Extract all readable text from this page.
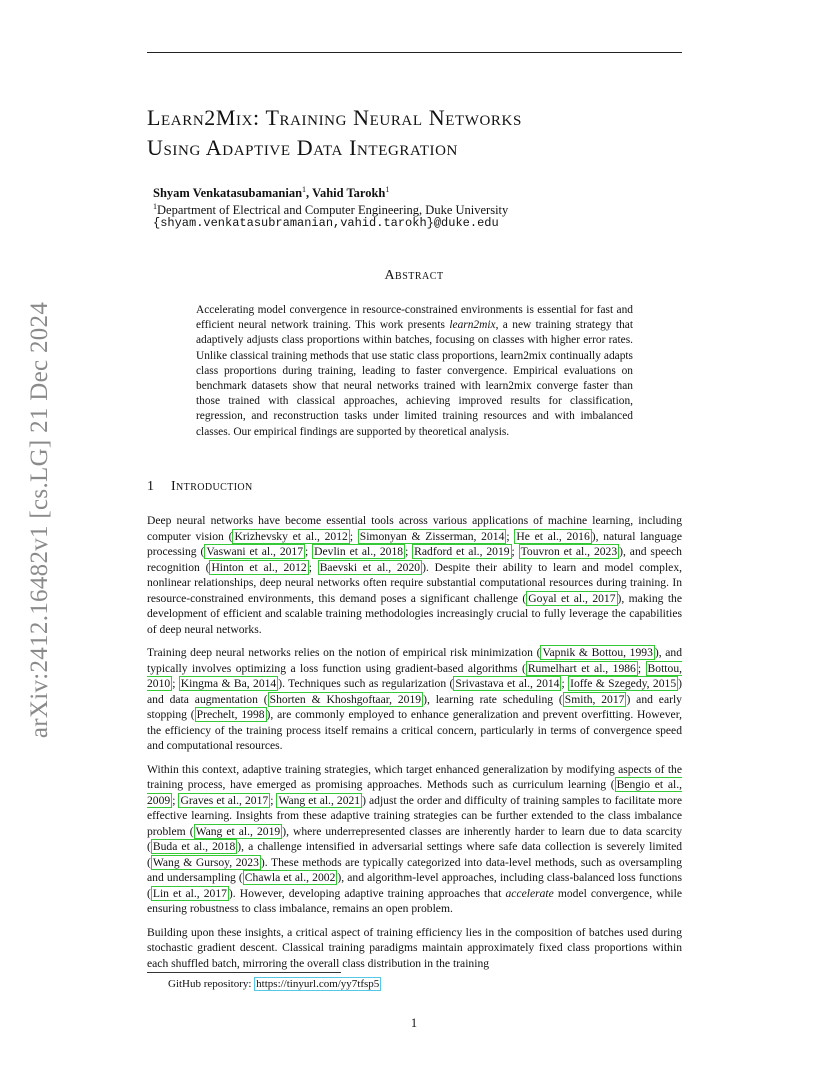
arXiv:2412.16482v1 [cs.LG] 21 Dec 2024
Learn2Mix: Training Neural Networks
Using Adaptive Data Integration
Shyam Venkatasubamanian$^1$, Vahid Tarokh$^1$
$^1$Department of Electrical and Computer Engineering, Duke University
{shyam.venkatasubramanian,vahid.tarokh}@duke.edu
Abstract
Accelerating model convergence in resource-constrained environments is essential for fast and efficient neural network training. This work presents learn2mix, a new training strategy that adaptively adjusts class proportions within batches, focusing on classes with higher error rates. Unlike classical training methods that use static class proportions, learn2mix continually adapts class proportions during training, leading to faster convergence. Empirical evaluations on benchmark datasets show that neural networks trained with learn2mix converge faster than those trained with classical approaches, achieving improved results for classification, regression, and reconstruction tasks under limited training resources and with imbalanced classes. Our empirical findings are supported by theoretical analysis.
1 Introduction

Deep neural networks have become essential tools across various applications of machine learning, including computer vision ( Krizhevsky et al., 2012 ; Simonyan & Zisserman, 2014 ; He et al., 2016 ), natural language processing ( Vaswani et al., 2017 ; Devlin et al., 2018 ; Radford et al., 2019 ; Touvron et al., 2023 ), and speech recognition ( Hinton et al., 2012 ; Baevski et al., 2020 ). Despite their ability to learn and model complex, nonlinear relationships, deep neural networks often require substantial computational resources during training. In resource-constrained environments, this demand poses a significant challenge ( Goyal et al., 2017 ), making the development of efficient and scalable training methodologies increasingly crucial to fully leverage the capabilities of deep neural networks.

Training deep neural networks relies on the notion of empirical risk minimization ( Vapnik & Bottou, 1993 ), and typically involves optimizing a loss function using gradient-based algorithms ( Rumelhart et al., 1986 ; Bottou, 2010 ; Kingma & Ba, 2014 ). Techniques such as regularization ( Srivastava et al., 2014 ; Ioffe & Szegedy, 2015 ) and data augmentation ( Shorten & Khoshgoftaar, 2019 ), learning rate scheduling ( Smith, 2017 ) and early stopping ( Prechelt, 1998 ), are commonly employed to enhance generalization and prevent overfitting. However, the efficiency of the training process itself remains a critical concern, particularly in terms of convergence speed and computational resources.

Within this context, adaptive training strategies, which target enhanced generalization by modifying aspects of the training process, have emerged as promising approaches. Methods such as curriculum learning ( Bengio et al., 2009 ; Graves et al., 2017 ; Wang et al., 2021 ) adjust the order and difficulty of training samples to facilitate more effective learning. Insights from these adaptive training strategies can be further extended to the class imbalance problem ( Wang et al., 2019 ), where underrepresented classes are inherently harder to learn due to data scarcity ( Buda et al., 2018 ), a challenge intensified in adversarial settings where safe data collection is severely limited ( Wang & Gursoy, 2023 ). These methods are typically categorized into data-level methods, such as oversampling and undersampling ( Chawla et al., 2002 ), and algorithm-level approaches, including class-balanced loss functions ( Lin et al., 2017 ). However, developing adaptive training approaches that accelerate model convergence, while ensuring robustness to class imbalance, remains an open problem.

Building upon these insights, a critical aspect of training efficiency lies in the composition of batches used during stochastic gradient descent. Classical training paradigms maintain approximately fixed class proportions within each shuffled batch, mirroring the overall class distribution in the training

GitHub repository: https://tinyurl.com/yy7tfsp5
1
